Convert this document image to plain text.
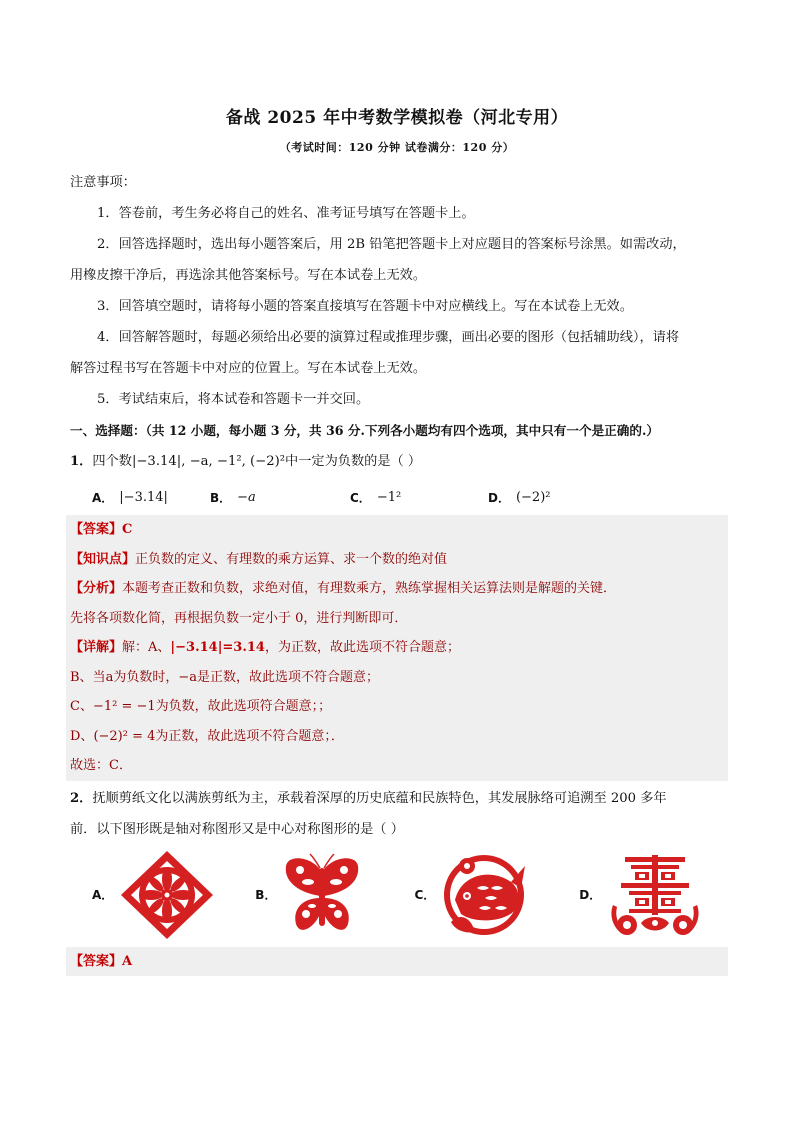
备战 2025 年中考数学模拟卷（河北专用）
（考试时间：120 分钟 试卷满分：120 分）
注意事项：
1．答卷前，考生务必将自己的姓名、准考证号填写在答题卡上。
2．回答选择题时，选出每小题答案后，用 2B 铅笔把答题卡上对应题目的答案标号涂黑。如需改动，
用橡皮擦干净后，再选涂其他答案标号。写在本试卷上无效。
3．回答填空题时，请将每小题的答案直接填写在答题卡中对应横线上。写在本试卷上无效。
4．回答解答题时，每题必须给出必要的演算过程或推理步骤，画出必要的图形（包括辅助线），请将
解答过程书写在答题卡中对应的位置上。写在本试卷上无效。
5．考试结束后，将本试卷和答题卡一并交回。
一、选择题：（共 12 小题，每小题 3 分，共 36 分.下列各小题均有四个选项，其中只有一个是正确的.）
1．四个数|−3.14|, −a, −1², (−2)²中一定为负数的是（ ）
A． |−3.14|	B． −a	C． −1²	D． (−2)²
【答案】C
【知识点】正负数的定义、有理数的乘方运算、求一个数的绝对值
【分析】本题考查正数和负数，求绝对值，有理数乘方，熟练掌握相关运算法则是解题的关键．
先将各项数化简，再根据负数一定小于 0，进行判断即可．
【详解】解：A、|−3.14|=3.14，为正数，故此选项不符合题意；
B、当a为负数时，−a是正数，故此选项不符合题意；
C、−1² = −1为负数，故此选项符合题意；；
D、(−2)² = 4为正数，故此选项不符合题意；．
故选：C．
2．抚顺剪纸文化以满族剪纸为主，承载着深厚的历史底蕴和民族特色，其发展脉络可追溯至 200 多年
前．以下图形既是轴对称图形又是中心对称图形的是（ ）
A．	B．	C．	D．
【答案】A
